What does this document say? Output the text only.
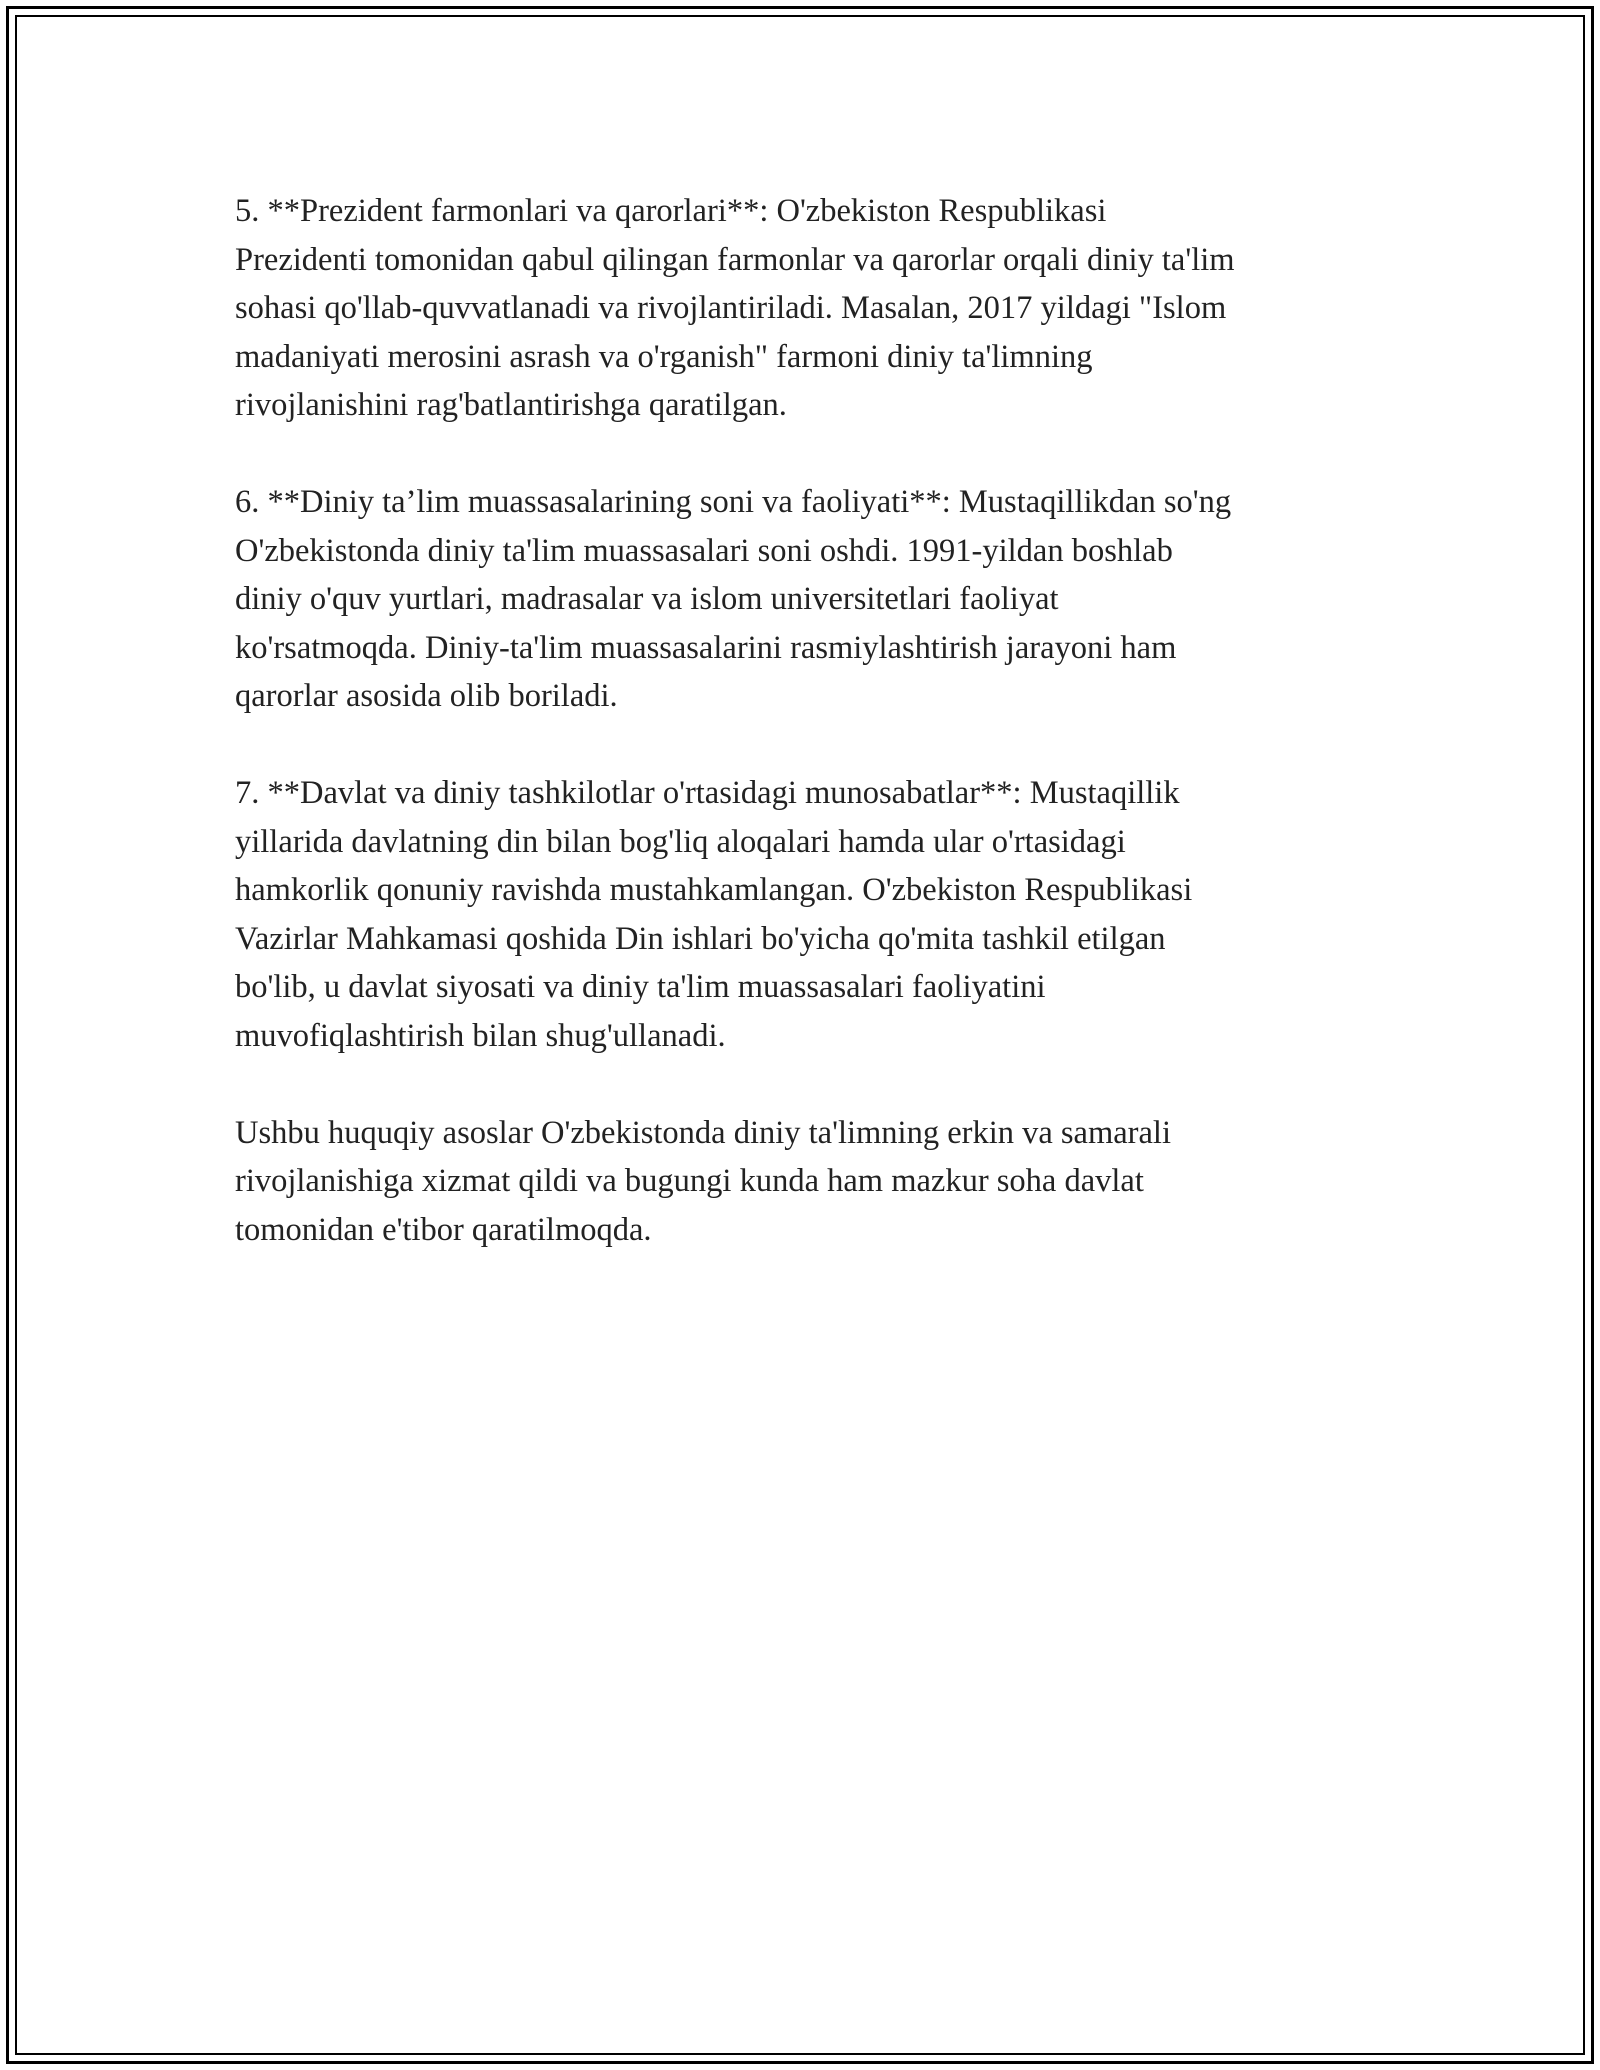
5. **Prezident farmonlari va qarorlari**: O'zbekiston Respublikasi
Prezidenti tomonidan qabul qilingan farmonlar va qarorlar orqali diniy ta'lim
sohasi qo'llab-quvvatlanadi va rivojlantiriladi. Masalan, 2017 yildagi "Islom
madaniyati merosini asrash va o'rganish" farmoni diniy ta'limning
rivojlanishini rag'batlantirishga qaratilgan.

6. **Diniy ta’lim muassasalarining soni va faoliyati**: Mustaqillikdan so'ng
O'zbekistonda diniy ta'lim muassasalari soni oshdi. 1991-yildan boshlab
diniy o'quv yurtlari, madrasalar va islom universitetlari faoliyat
ko'rsatmoqda. Diniy-ta'lim muassasalarini rasmiylashtirish jarayoni ham
qarorlar asosida olib boriladi.

7. **Davlat va diniy tashkilotlar o'rtasidagi munosabatlar**: Mustaqillik
yillarida davlatning din bilan bog'liq aloqalari hamda ular o'rtasidagi
hamkorlik qonuniy ravishda mustahkamlangan. O'zbekiston Respublikasi
Vazirlar Mahkamasi qoshida Din ishlari bo'yicha qo'mita tashkil etilgan
bo'lib, u davlat siyosati va diniy ta'lim muassasalari faoliyatini
muvofiqlashtirish bilan shug'ullanadi.

Ushbu huquqiy asoslar O'zbekistonda diniy ta'limning erkin va samarali
rivojlanishiga xizmat qildi va bugungi kunda ham mazkur soha davlat
tomonidan e'tibor qaratilmoqda.
